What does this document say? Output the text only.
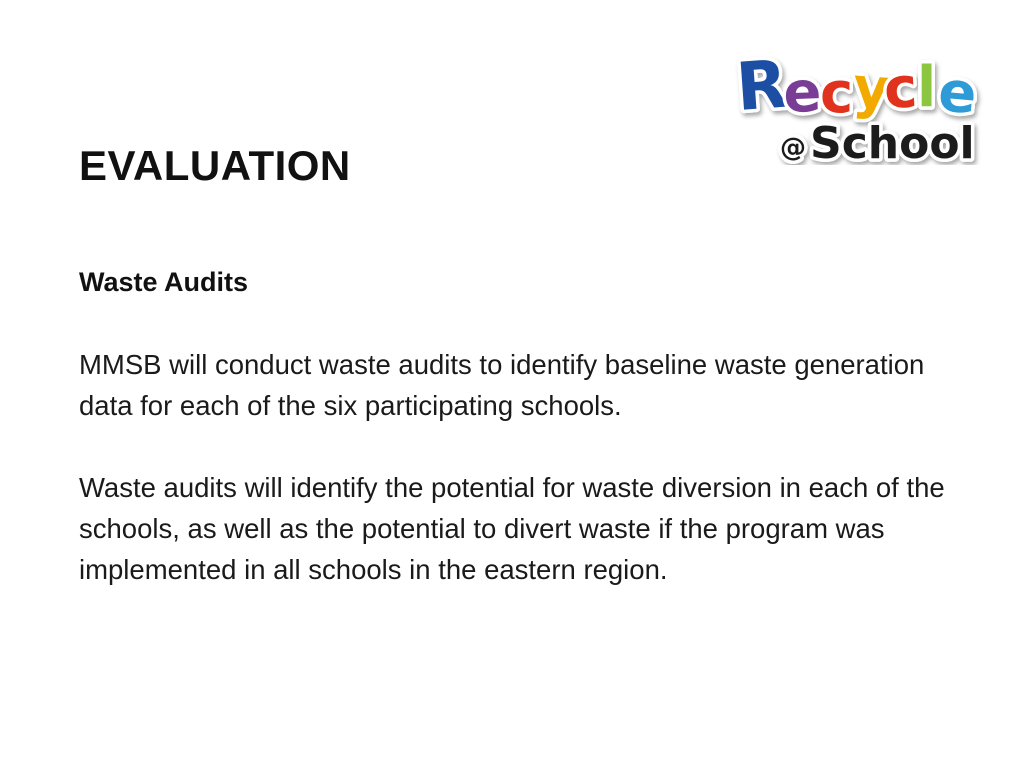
R
e
c
y
c
l e
@ School
EVALUATION
Waste Audits

MMSB will conduct waste audits to identify baseline waste generation data for each of the six participating schools.

Waste audits will identify the potential for waste diversion in each of the schools, as well as the potential to divert waste if the program was implemented in all schools in the eastern region.
